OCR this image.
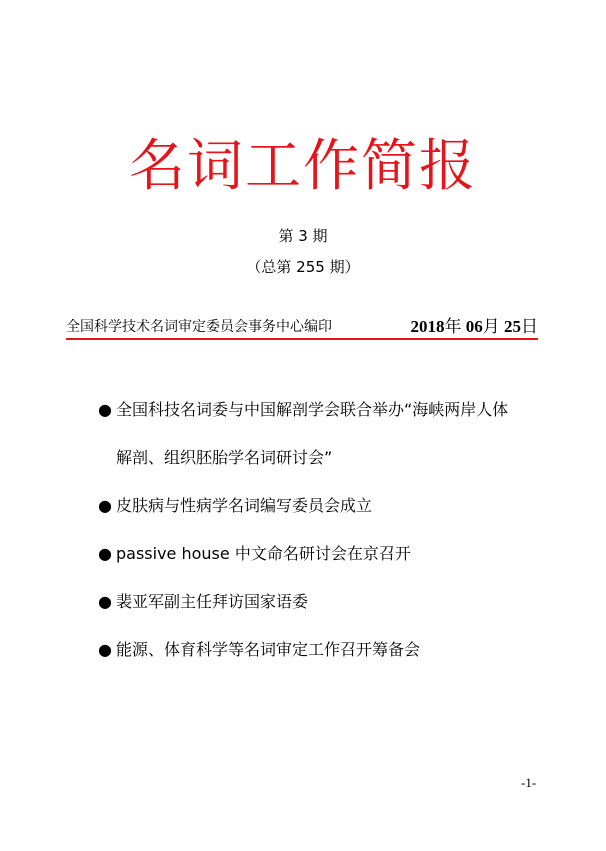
名词工作简报
第 3 期
（总第 255 期）
全国科学技术名词审定委员会事务中心编印	2018年 06月 25日
● 全国科技名词委与中国解剖学会联合举办“海峡两岸人体
解剖、组织胚胎学名词研讨会”
● 皮肤病与性病学名词编写委员会成立
● passive house 中文命名研讨会在京召开
● 裴亚军副主任拜访国家语委
● 能源、体育科学等名词审定工作召开筹备会
-1-
